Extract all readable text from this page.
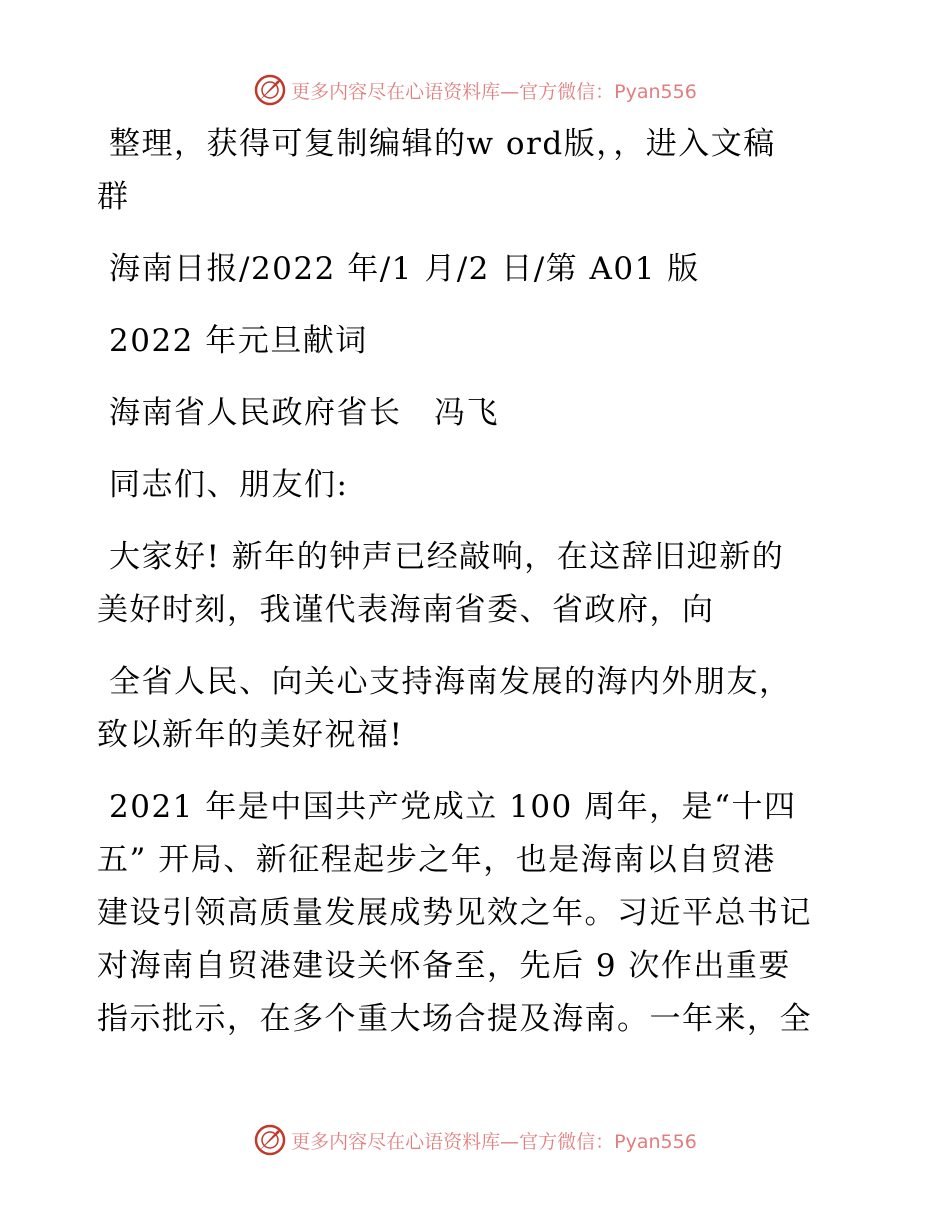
更多内容尽在心语资料库—官方微信：Pyan556
整理，获得可复制编辑的w ord版，，进入文稿
群
海南日报/2022 年/1 月/2 日/第 A01 版
2022 年元旦献词
海南省人民政府省长　冯飞
同志们、朋友们:
大家好! 新年的钟声已经敲响，在这辞旧迎新的
美好时刻，我谨代表海南省委、省政府，向
全省人民、向关心支持海南发展的海内外朋友，
致以新年的美好祝福!
2021 年是中国共产党成立 100 周年，是“十四
五” 开局、新征程起步之年，也是海南以自贸港
建设引领高质量发展成势见效之年。习近平总书记
对海南自贸港建设关怀备至，先后 9 次作出重要
指示批示，在多个重大场合提及海南。一年来，全
更多内容尽在心语资料库—官方微信：Pyan556
